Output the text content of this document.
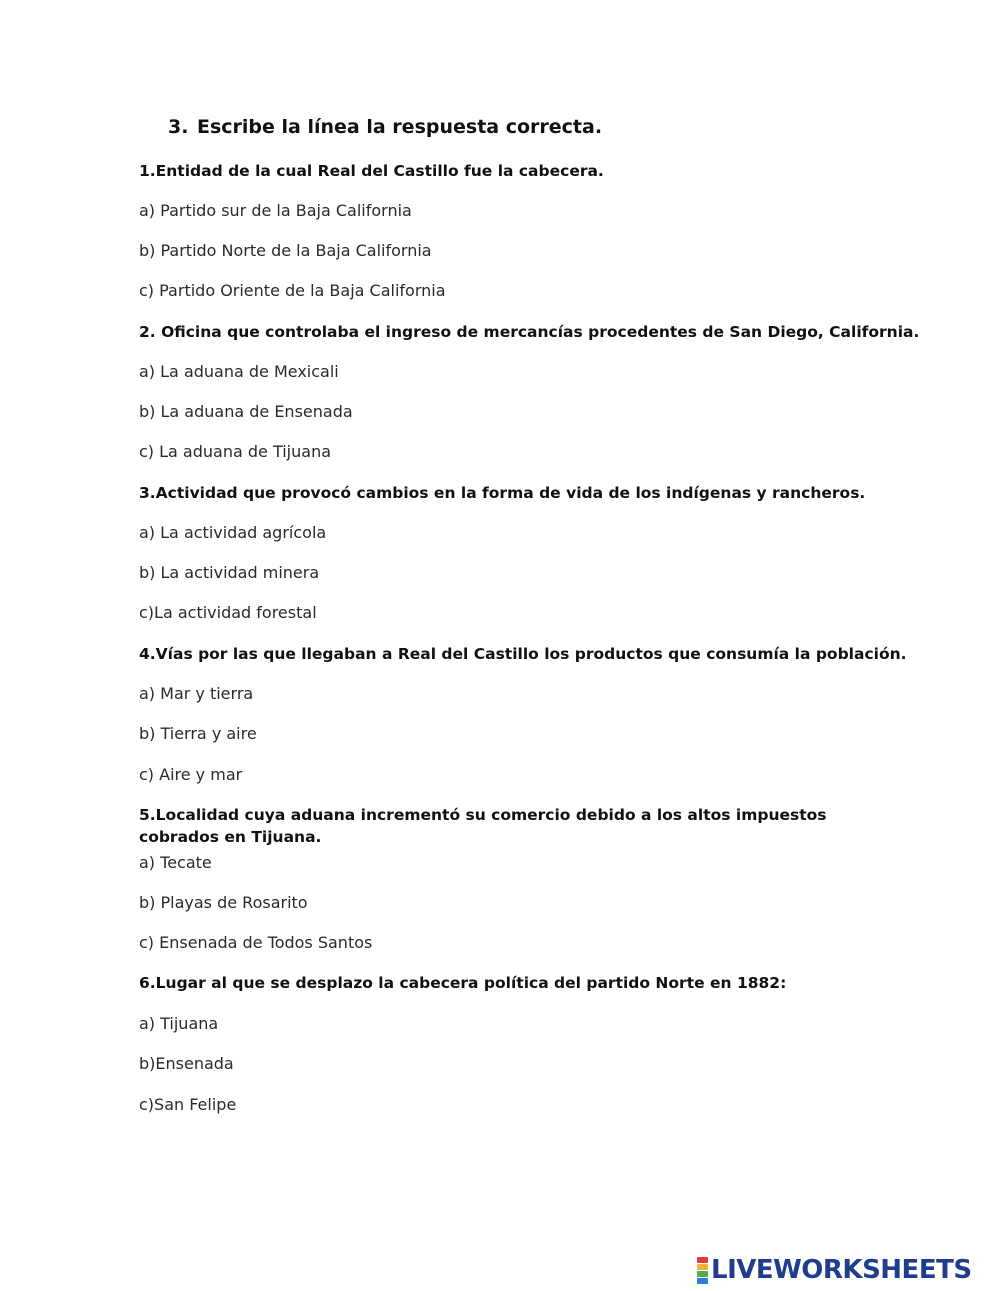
3. Escribe la línea la respuesta correcta.
1.Entidad de la cual Real del Castillo fue la cabecera.
a) Partido sur de la Baja California
b) Partido Norte de la Baja California
c) Partido Oriente de la Baja California
2. Oficina que controlaba el ingreso de mercancías procedentes de San Diego, California.
a) La aduana de Mexicali
b) La aduana de Ensenada
c) La aduana de Tijuana
3.Actividad que provocó cambios en la forma de vida de los indígenas y rancheros.
a) La actividad agrícola
b) La actividad minera
c)La actividad forestal
4.Vías por las que llegaban a Real del Castillo los productos que consumía la población.
a) Mar y tierra
b) Tierra y aire
c) Aire y mar
5.Localidad cuya aduana incrementó su comercio debido a los altos impuestos cobrados en Tijuana.
a) Tecate
b) Playas de Rosarito
c) Ensenada de Todos Santos
6.Lugar al que se desplazo la cabecera política del partido Norte en 1882:
a) Tijuana
b)Ensenada
c)San Felipe
LIVEWORKSHEETS
